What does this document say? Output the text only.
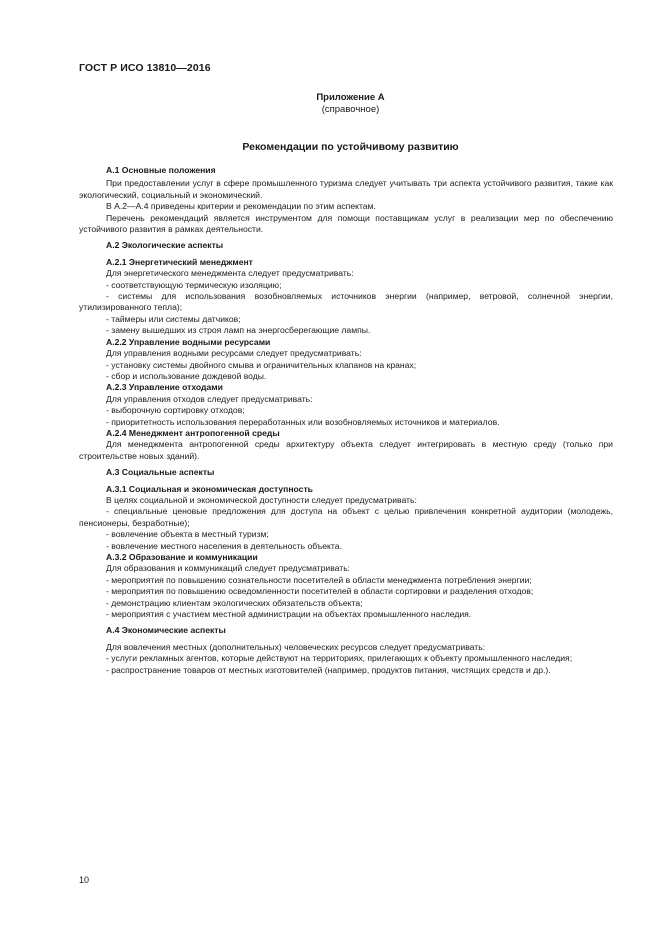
ГОСТ Р ИСО 13810—2016
Приложение А
(справочное)
Рекомендации по устойчивому развитию

А.1 Основные положения

При предоставлении услуг в сфере промышленного туризма следует учитывать три аспекта устойчивого развития, такие как экологический, социальный и экономический.

В А.2—А.4 приведены критерии и рекомендации по этим аспектам.

Перечень рекомендаций является инструментом для помощи поставщикам услуг в реализации мер по обеспечению устойчивого развития в рамках деятельности.

А.2 Экологические аспекты

А.2.1 Энергетический менеджмент

Для энергетического менеджмента следует предусматривать:

- соответствующую термическую изоляцию;

- системы для использования возобновляемых источников энергии (например, ветровой, солнечной энергии, утилизированного тепла);

- таймеры или системы датчиков;

- замену вышедших из строя ламп на энергосберегающие лампы.

А.2.2 Управление водными ресурсами

Для управления водными ресурсами следует предусматривать:

- установку системы двойного смыва и ограничительных клапанов на кранах;

- сбор и использование дождевой воды.

А.2.3 Управление отходами

Для управления отходов следует предусматривать:

- выборочную сортировку отходов;

- приоритетность использования переработанных или возобновляемых источников и материалов.

А.2.4 Менеджмент антропогенной среды

Для менеджмента антропогенной среды архитектуру объекта следует интегрировать в местную среду (только при строительстве новых зданий).

А.3 Социальные аспекты

А.3.1 Социальная и экономическая доступность

В целях социальной и экономической доступности следует предусматривать:

- специальные ценовые предложения для доступа на объект с целью привлечения конкретной аудитории (молодежь, пенсионеры, безработные);

- вовлечение объекта в местный туризм;

- вовлечение местного населения в деятельность объекта.

А.3.2 Образование и коммуникации

Для образования и коммуникаций следует предусматривать:

- мероприятия по повышению сознательности посетителей в области менеджмента потребления энергии;

- мероприятия по повышению осведомленности посетителей в области сортировки и разделения отходов;

- демонстрацию клиентам экологических обязательств объекта;

- мероприятия с участием местной администрации на объектах промышленного наследия.

А.4 Экономические аспекты

Для вовлечения местных (дополнительных) человеческих ресурсов следует предусматривать:

- услуги рекламных агентов, которые действуют на территориях, прилегающих к объекту промышленного наследия;

- распространение товаров от местных изготовителей (например, продуктов питания, чистящих средств и др.).

10
